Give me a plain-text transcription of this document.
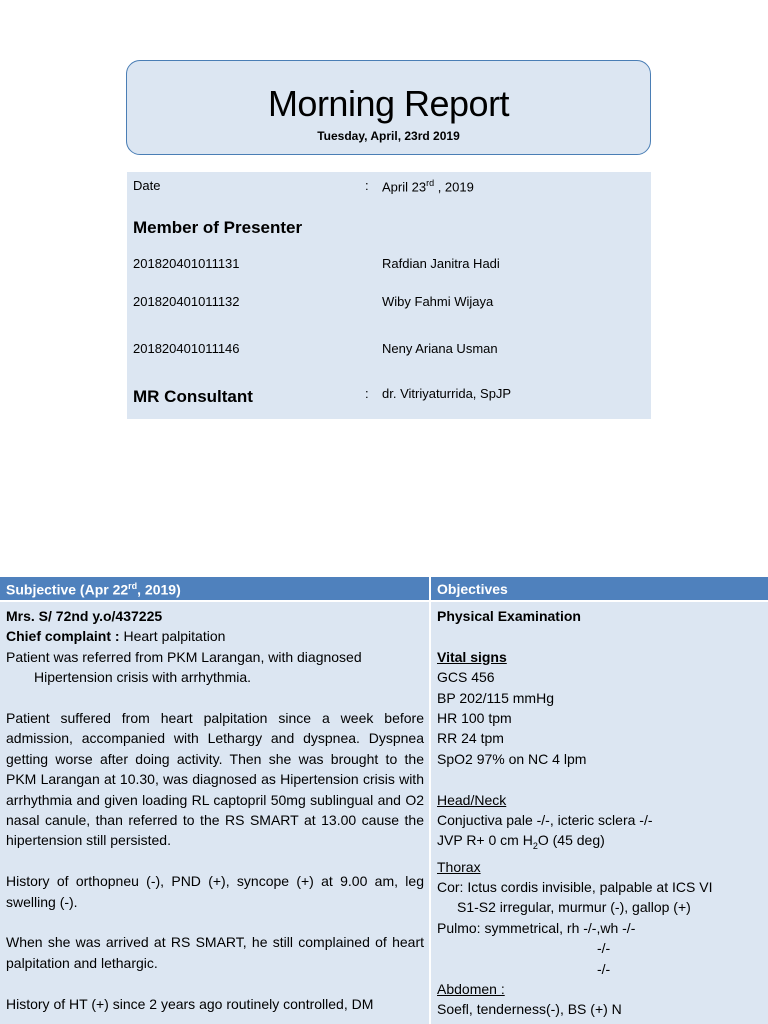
Morning Report
Tuesday, April, 23rd 2019
Date	: April 23rd , 2019
Member of Presenter
201820401011131	Rafdian Janitra Hadi
201820401011132	Wiby Fahmi Wijaya
201820401011146	Neny Ariana Usman
MR Consultant	: dr. Vitriyaturrida, SpJP
Subjective (Apr 22rd, 2019)

Mrs. S/ 72nd y.o/437225

Chief complaint : Heart palpitation

Patient was referred from PKM Larangan, with diagnosed

Hipertension crisis with arrhythmia.

Patient suffered from heart palpitation since a week before admission, accompanied with Lethargy and dyspnea. Dyspnea getting worse after doing activity. Then she was brought to the PKM Larangan at 10.30, was diagnosed as Hipertension crisis with arrhythmia and given loading RL captopril 50mg sublingual and O2 nasal canule, than referred to the RS SMART at 13.00 cause the hipertension still persisted.

History of orthopneu (-), PND (+), syncope (+) at 9.00 am, leg swelling (-).

When she was arrived at RS SMART, he still complained of heart palpitation and lethargic.

History of HT (+) since 2 years ago routinely controlled, DM

Objectives

Physical Examination

Vital signs

GCS 456

BP 202/115 mmHg

HR 100 tpm

RR 24 tpm

SpO2 97% on NC 4 lpm

Head/Neck

Conjuctiva pale -/-, icteric sclera -/-

JVP R+ 0 cm $H_2O$ (45 deg)

Thorax

Cor: Ictus cordis invisible, palpable at ICS VI

S1-S2 irregular, murmur (-), gallop (+)

Pulmo: symmetrical, rh -/-,wh -/-

-/-

-/-

Abdomen :

Soefl, tenderness(-), BS (+) N
